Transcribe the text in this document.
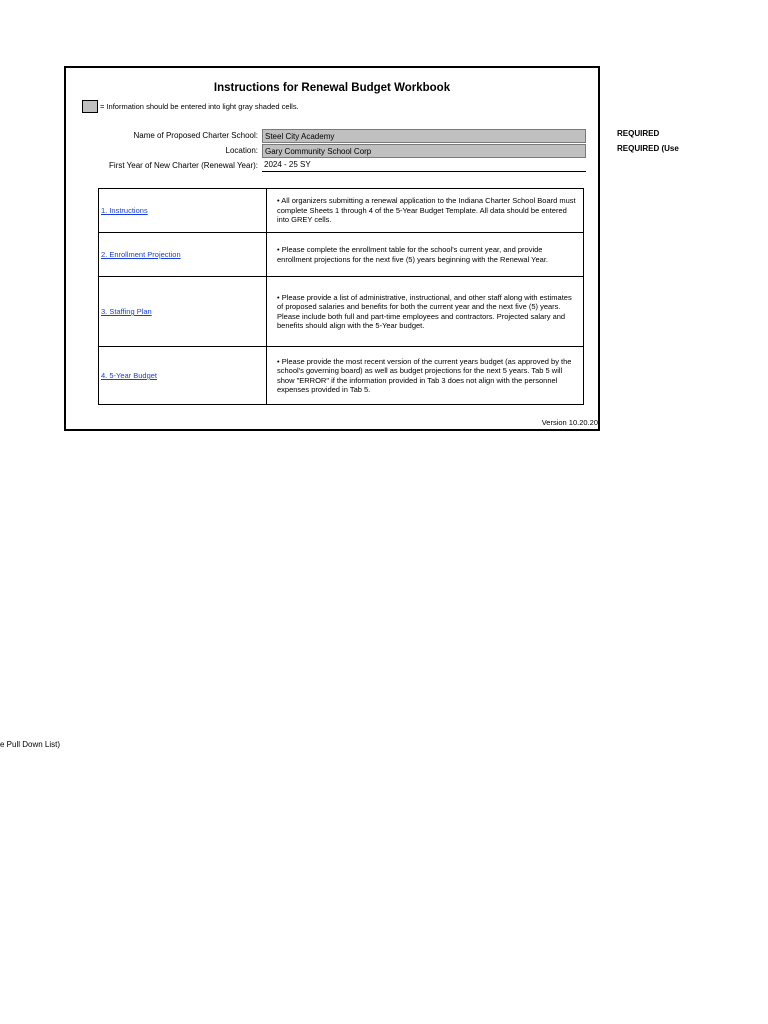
Instructions for Renewal Budget Workbook
= Information should be entered into light gray shaded cells.
Name of Proposed Charter School: Steel City Academy
Location: Gary Community School Corp
First Year of New Charter (Renewal Year): 2024 - 25 SY
1. Instructions	• All organizers submitting a renewal application to the Indiana Charter School Board must complete Sheets 1 through 4 of the 5-Year Budget Template. All data should be entered into GREY cells.
2. Enrollment Projection	• Please complete the enrollment table for the school's current year, and provide enrollment projections for the next five (5) years beginning with the Renewal Year.
3. Staffing Plan	• Please provide a list of administrative, instructional, and other staff along with estimates of proposed salaries and benefits for both the current year and the next five (5) years. Please include both full and part-time employees and contractors. Projected salary and benefits should align with the 5-Year budget.
4. 5-Year Budget	• Please provide the most recent version of the current years budget (as approved by the school's governing board) as well as budget projections for the next 5 years. Tab 5 will show "ERROR" if the information provided in Tab 3 does not align with the personnel expenses provided in Tab 5.
Version 10.20.20
REQUIRED
REQUIRED (Use
e Pull Down List)
